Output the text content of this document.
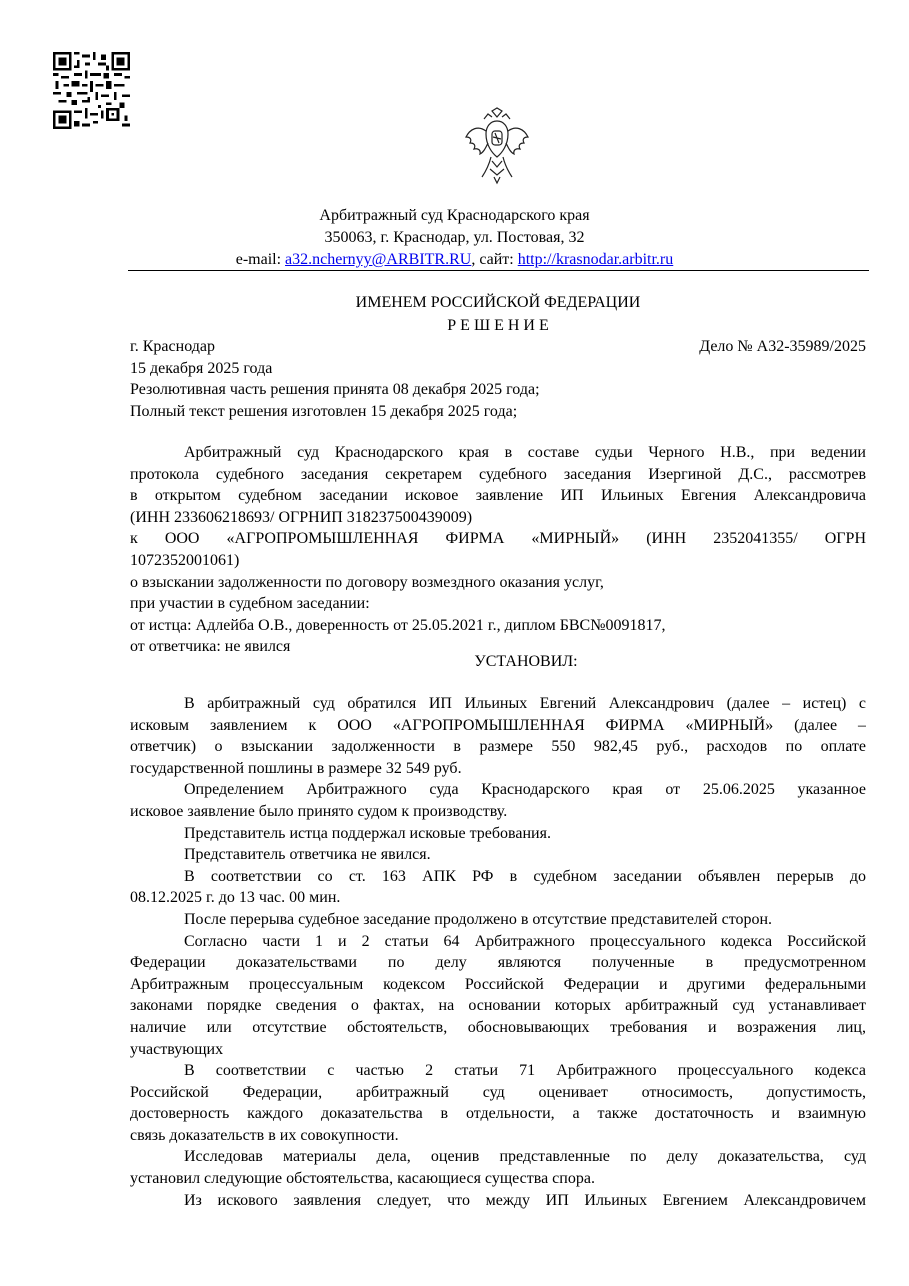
Арбитражный суд Краснодарского края
350063, г. Краснодар, ул. Постовая, 32
e-mail: a32.nchernyy@ARBITR.RU, сайт: http://krasnodar.arbitr.ru
ИМЕНЕМ РОССИЙСКОЙ ФЕДЕРАЦИИ
Р Е Ш Е Н И Е
г. Краснодар	Дело № А32-35989/2025
15 декабря 2025 года
Резолютивная часть решения принята 08 декабря 2025 года;
Полный текст решения изготовлен 15 декабря 2025 года;
Арбитражный суд Краснодарского края в составе судьи Черного Н.В., при ведении
протокола судебного заседания секретарем судебного заседания Изергиной Д.С., рассмотрев
в открытом судебном заседании исковое заявление ИП Ильиных Евгения Александровича
(ИНН 233606218693/ ОГРНИП 318237500439009)
к ООО «АГРОПРОМЫШЛЕННАЯ ФИРМА «МИРНЫЙ» (ИНН 2352041355/ ОГРН
1072352001061)
о взыскании задолженности по договору возмездного оказания услуг,
при участии в судебном заседании:
от истца: Адлейба О.В., доверенность от 25.05.2021 г., диплом БВС№0091817,
от ответчика: не явился
УСТАНОВИЛ:
В арбитражный суд обратился ИП Ильиных Евгений Александрович (далее – истец) с
исковым заявлением к ООО «АГРОПРОМЫШЛЕННАЯ ФИРМА «МИРНЫЙ» (далее –
ответчик) о взыскании задолженности в размере 550 982,45 руб., расходов по оплате
государственной пошлины в размере 32 549 руб.
Определением Арбитражного суда Краснодарского края от 25.06.2025 указанное
исковое заявление было принято судом к производству.
Представитель истца поддержал исковые требования.
Представитель ответчика не явился.
В соответствии со ст. 163 АПК РФ в судебном заседании объявлен перерыв до
08.12.2025 г. до 13 час. 00 мин.
После перерыва судебное заседание продолжено в отсутствие представителей сторон.
Согласно части 1 и 2 статьи 64 Арбитражного процессуального кодекса Российской
Федерации доказательствами по делу являются полученные в предусмотренном
Арбитражным процессуальным кодексом Российской Федерации и другими федеральными
законами порядке сведения о фактах, на основании которых арбитражный суд устанавливает
наличие или отсутствие обстоятельств, обосновывающих требования и возражения лиц,
участвующих
В соответствии с частью 2 статьи 71 Арбитражного процессуального кодекса
Российской Федерации, арбитражный суд оценивает относимость, допустимость,
достоверность каждого доказательства в отдельности, а также достаточность и взаимную
связь доказательств в их совокупности.
Исследовав материалы дела, оценив представленные по делу доказательства, суд
установил следующие обстоятельства, касающиеся существа спора.
Из искового заявления следует, что между ИП Ильиных Евгением Александровичем
